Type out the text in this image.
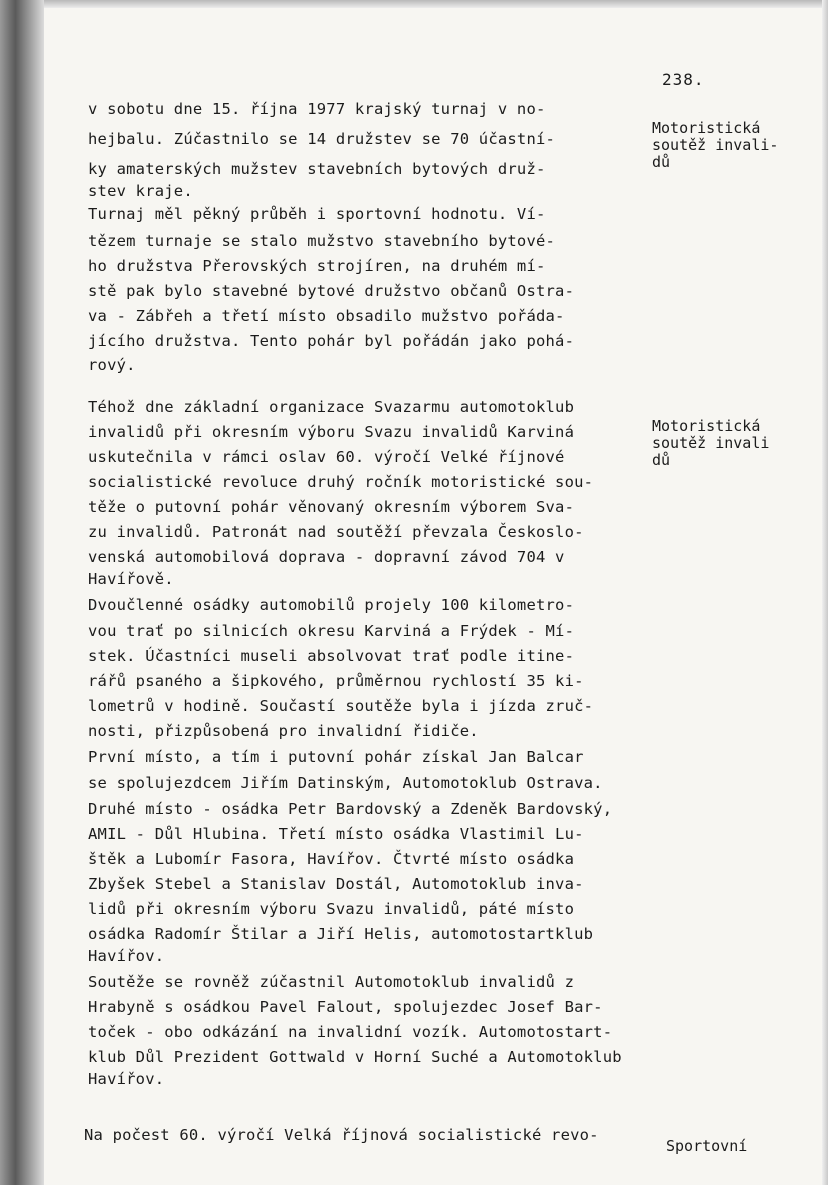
238.
v sobotu dne 15. října 1977 krajský turnaj v no-
hejbalu. Zúčastnilo se 14 družstev se 70 účastní-
ky amaterských mužstev stavebních bytových druž-
stev kraje.
Turnaj měl pěkný průběh i sportovní hodnotu. Ví-
tězem turnaje se stalo mužstvo stavebního bytové-
ho družstva Přerovských strojíren, na druhém mí-
stě pak bylo stavebné bytové družstvo občanů Ostra-
va - Zábřeh a třetí místo obsadilo mužstvo pořáda-
jícího družstva. Tento pohár byl pořádán jako pohá-
rový.
Téhož dne základní organizace Svazarmu automotoklub
invalidů při okresním výboru Svazu invalidů Karviná
uskutečnila v rámci oslav 60. výročí Velké říjnové
socialistické revoluce druhý ročník motoristické sou-
těže o putovní pohár věnovaný okresním výborem Sva-
zu invalidů. Patronát nad soutěží převzala Českoslo-
venská automobilová doprava - dopravní závod 704 v
Havířově.
Dvoučlenné osádky automobilů projely 100 kilometro-
vou trať po silnicích okresu Karviná a Frýdek - Mí-
stek. Účastníci museli absolvovat trať podle itine-
rářů psaného a šipkového, průměrnou rychlostí 35 ki-
lometrů v hodině. Součastí soutěže byla i jízda zruč-
nosti, přizpůsobená pro invalidní řidiče.
První místo, a tím i putovní pohár získal Jan Balcar
se spolujezdcem Jiřím Datinským, Automotoklub Ostrava.
Druhé místo - osádka Petr Bardovský a Zdeněk Bardovský,
AMIL - Důl Hlubina. Třetí místo osádka Vlastimil Lu-
štěk a Lubomír Fasora, Havířov. Čtvrté místo osádka
Zbyšek Stebel a Stanislav Dostál, Automotoklub inva-
lidů při okresním výboru Svazu invalidů, páté místo
osádka Radomír Štilar a Jiří Helis, automotostartklub
Havířov.
Soutěže se rovněž zúčastnil Automotoklub invalidů z
Hrabyně s osádkou Pavel Falout, spolujezdec Josef Bar-
toček - obo odkázání na invalidní vozík. Automotostart-
klub Důl Prezident Gottwald v Horní Suché a Automotoklub
Havířov.
Na počest 60. výročí Velká říjnová socialistické revo-
Motoristická
soutěž invali-
dů
Motoristická
soutěž invali
dů
Sportovní
